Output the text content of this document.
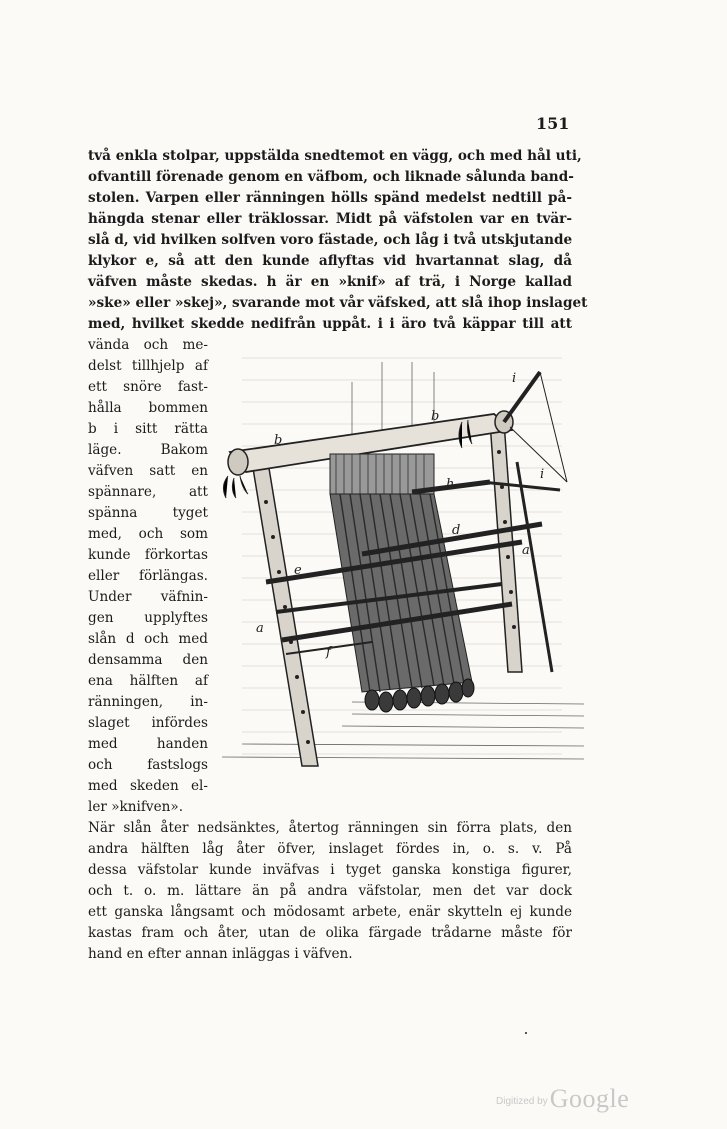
151
två enkla stolpar, uppstälda snedtemot en vägg, och med hål uti,
ofvantill förenade genom en väfbom, och liknade sålunda band-
stolen. Varpen eller ränningen hölls spänd medelst nedtill på-
hängda stenar eller träklossar. Midt på väfstolen var en tvär-
slå d, vid hvilken solfven voro fästade, och låg i två utskjutande
klykor e, så att den kunde aflyftas vid hvartannat slag, då
väfven måste skedas. h är en »knif» af trä, i Norge kallad
»ske» eller »skej», svarande mot vår väfsked, att slå ihop inslaget
med, hvilket skedde nedifrån uppåt. i i äro två käppar till att
vända och me-
delst tillhjelp af
ett snöre fast-
hålla bommen
b i sitt rätta
läge. Bakom
väfven satt en
spännare, att
spänna tyget
med, och som
kunde förkortas
eller förlängas.
Under väfnin-
gen upplyftes
slån d och med
densamma den
ena hälften af
ränningen, in-
slaget infördes
med handen
och fastslogs
med skeden el-
ler »knifven».
b
b
i
i
h
d
e
a
a
f
När slån åter nedsänktes, återtog ränningen sin förra plats, den
andra hälften låg åter öfver, inslaget fördes in, o. s. v. På
dessa väfstolar kunde inväfvas i tyget ganska konstiga figurer,
och t. o. m. lättare än på andra väfstolar, men det var dock
ett ganska långsamt och mödosamt arbete, enär skytteln ej kunde
kastas fram och åter, utan de olika färgade trådarne måste för
hand en efter annan inläggas i väfven.
Digitized byGoogle
